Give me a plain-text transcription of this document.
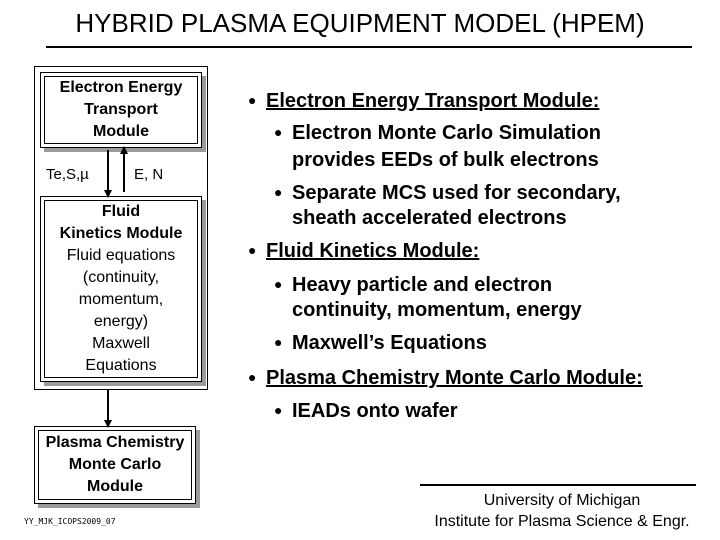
HYBRID PLASMA EQUIPMENT MODEL (HPEM)
Electron Energy
Transport
Module
Fluid
Kinetics Module
Fluid equations
(continuity,
momentum,
energy)
Maxwell
Equations
Plasma Chemistry
Monte Carlo
Module
Te,S,µ	E, N
● Electron Energy Transport Module:
● Electron Monte Carlo Simulation
provides EEDs of bulk electrons
● Separate MCS used for secondary,
sheath accelerated electrons
● Fluid Kinetics Module:
● Heavy particle and electron
continuity, momentum, energy
● Maxwell’s Equations
● Plasma Chemistry Monte Carlo Module:
● IEADs onto wafer
University of Michigan
Institute for Plasma Science & Engr.
YY_MJK_ICOPS2009_07
